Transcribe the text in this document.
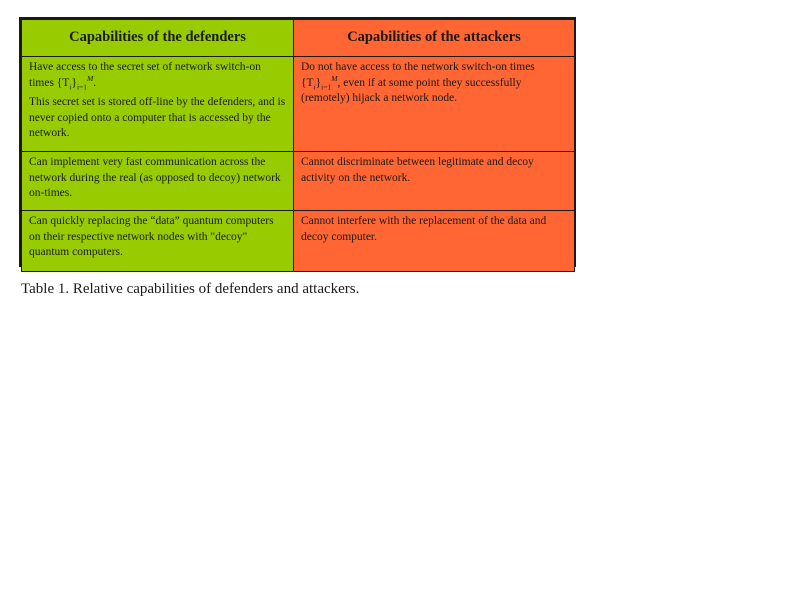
Capabilities of the defenders	Capabilities of the attackers

Have access to the secret set of network switch-on times $\{T_i\}_{i=1}^M$.
This secret set is stored off-line by the defenders, and is never copied onto a computer that is accessed by the network.	Do not have access to the network switch-on times $\{T_i\}_{i=1}^M$, even if at some point they successfully (remotely) hijack a network node.
Can implement very fast communication across the network during the real (as opposed to decoy) network on-times.	Cannot discriminate between legitimate and decoy activity on the network.
Can quickly replacing the “data” quantum computers on their respective network nodes with "decoy" quantum computers.	Cannot interfere with the replacement of the data and decoy computer.
Table 1. Relative capabilities of defenders and attackers.
